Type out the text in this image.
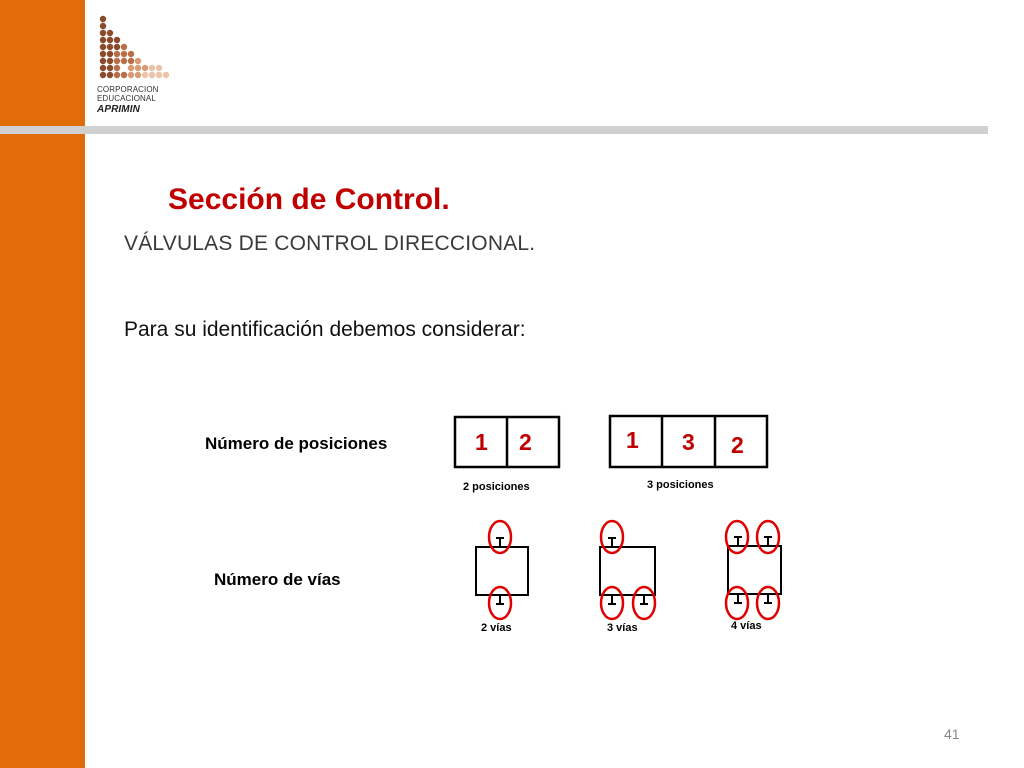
CORPORACION
EDUCACIONAL
APRIMIN
Sección de Control.
VÁLVULAS DE CONTROL DIRECCIONAL.
Para su identificación debemos considerar:
Número de posiciones
Número de vías
1 2	1 3 2
2 posiciones	3 posiciones
2 vías	3 vías	4 vías
41
